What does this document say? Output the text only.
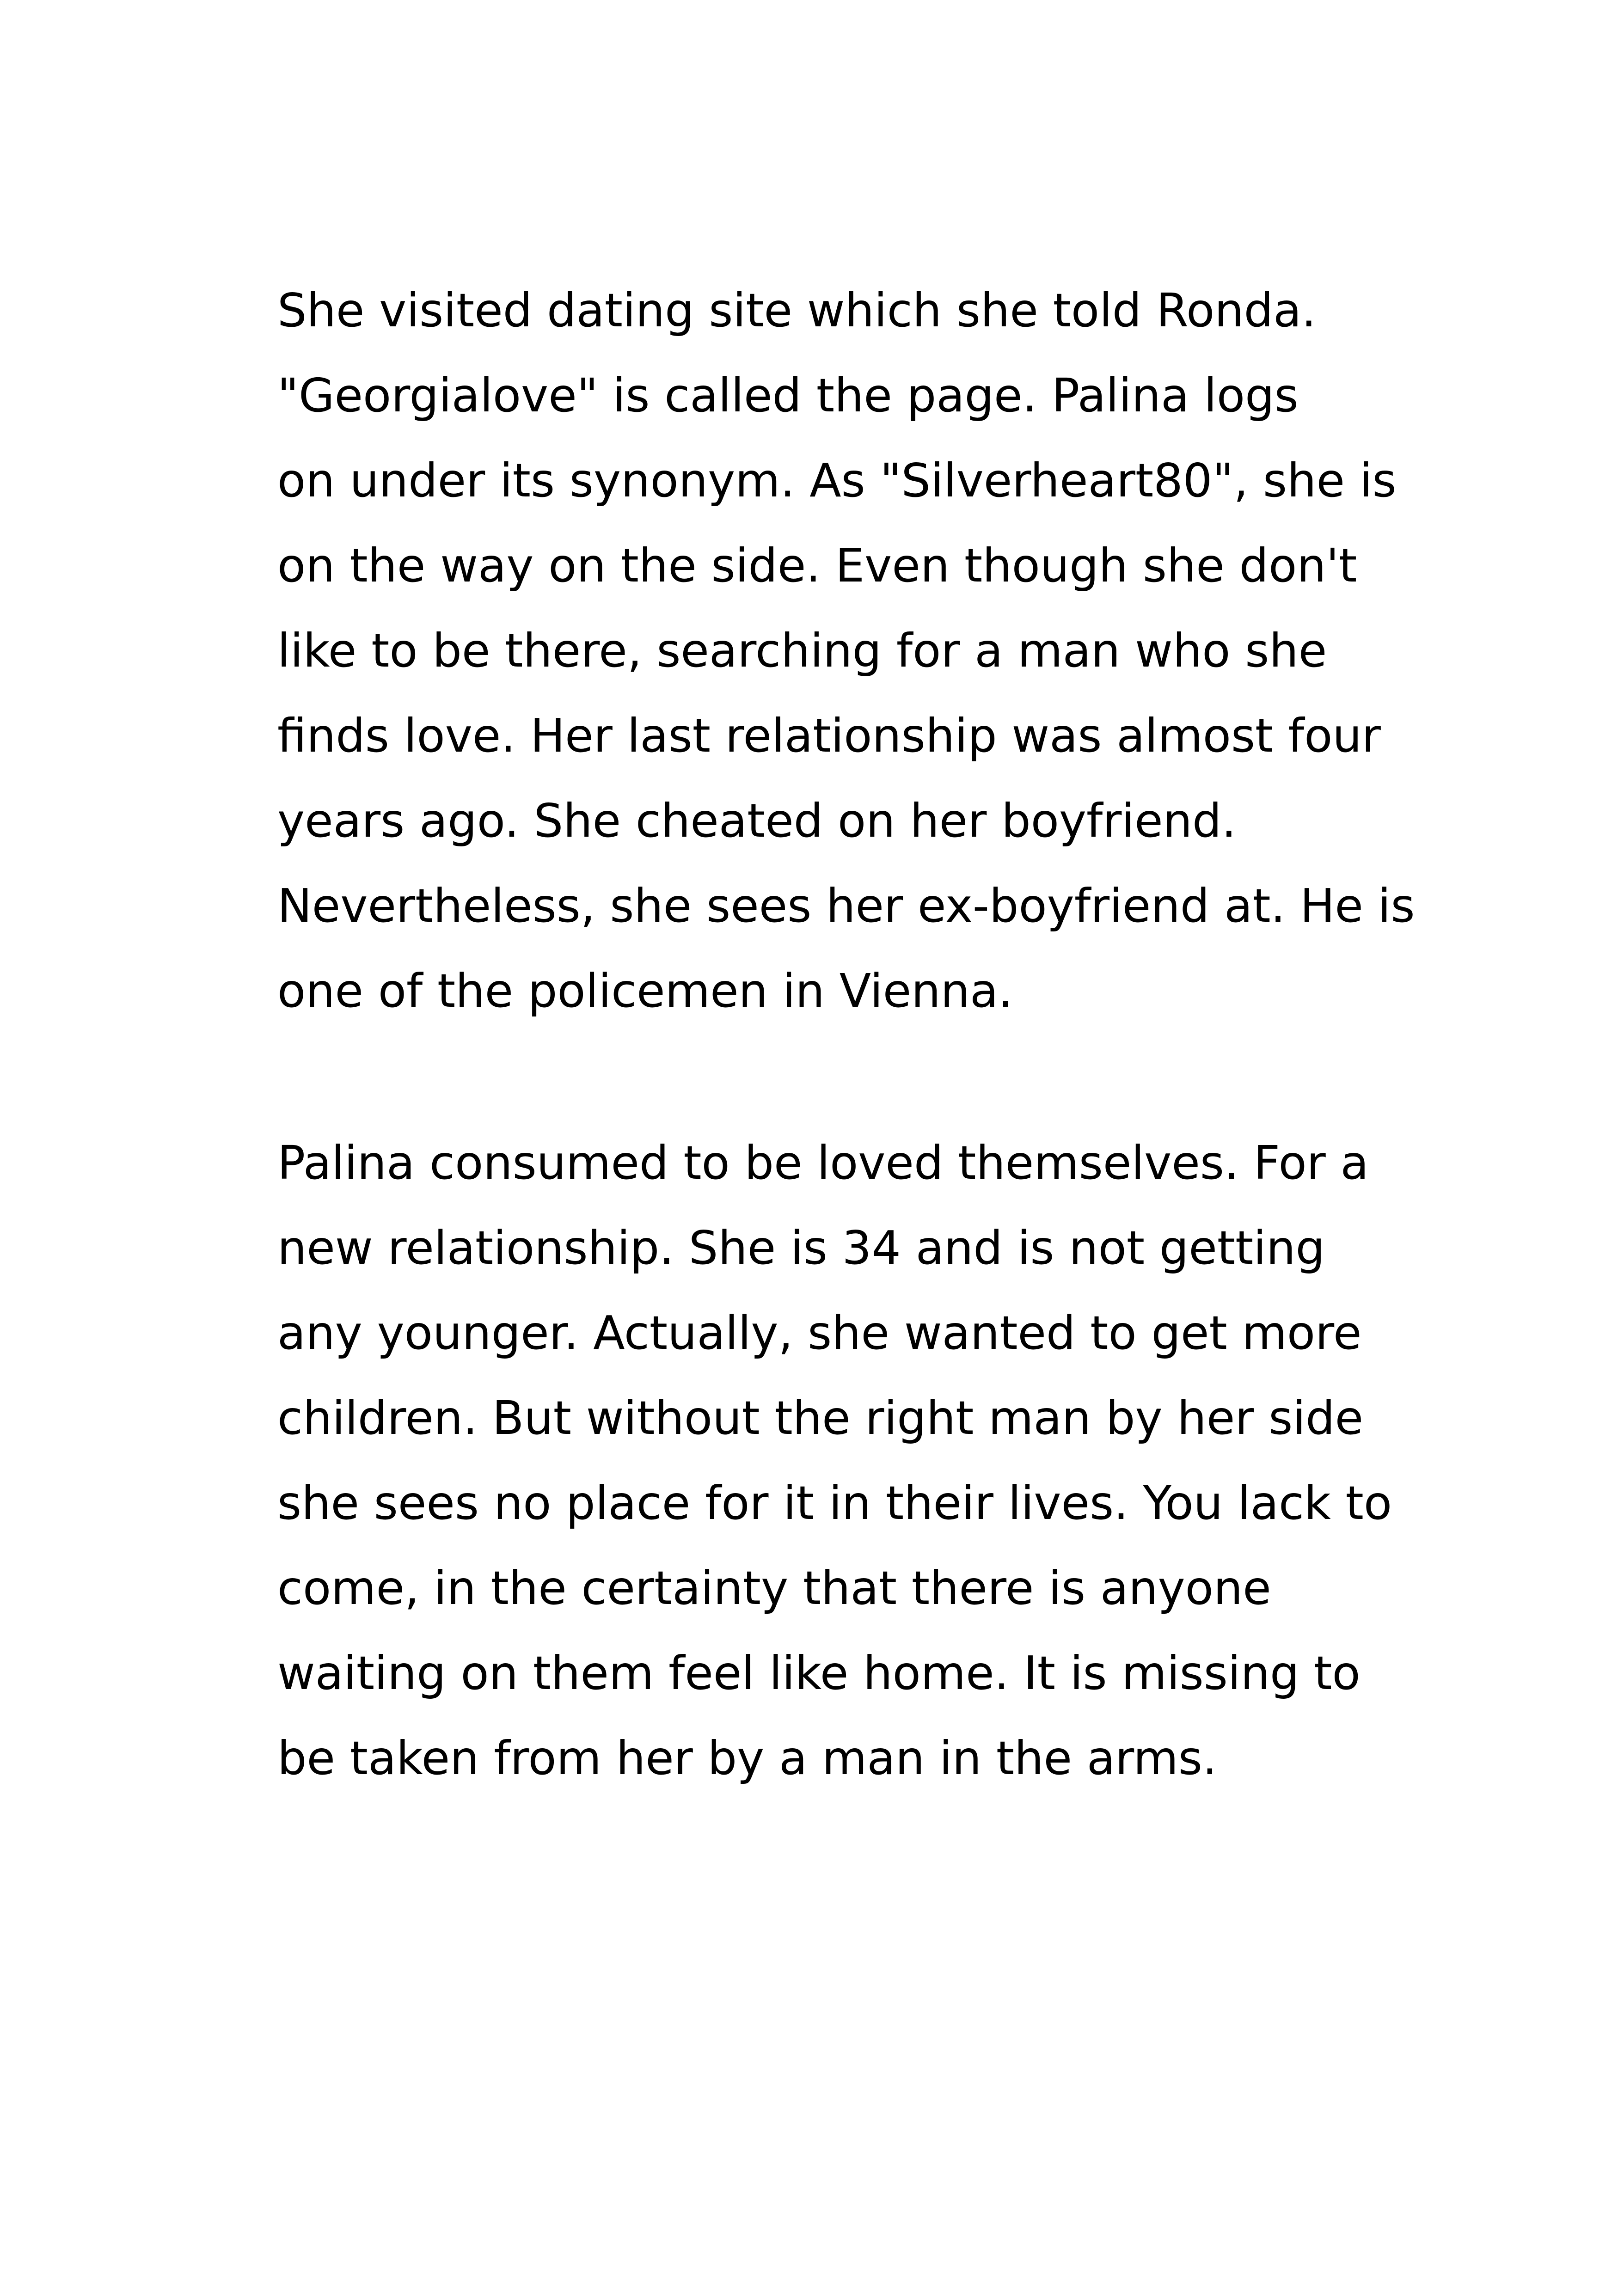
She visited dating site which she told Ronda.
"Georgialove" is called the page. Palina logs
on under its synonym. As "Silverheart80", she is
on the way on the side. Even though she don't
like to be there, searching for a man who she
finds love. Her last relationship was almost four
years ago. She cheated on her boyfriend.
Nevertheless, she sees her ex-boyfriend at. He is
one of the policemen in Vienna.

Palina consumed to be loved themselves. For a
new relationship. She is 34 and is not getting
any younger. Actually, she wanted to get more
children. But without the right man by her side
she sees no place for it in their lives. You lack to
come, in the certainty that there is anyone
waiting on them feel like home. It is missing to
be taken from her by a man in the arms.
